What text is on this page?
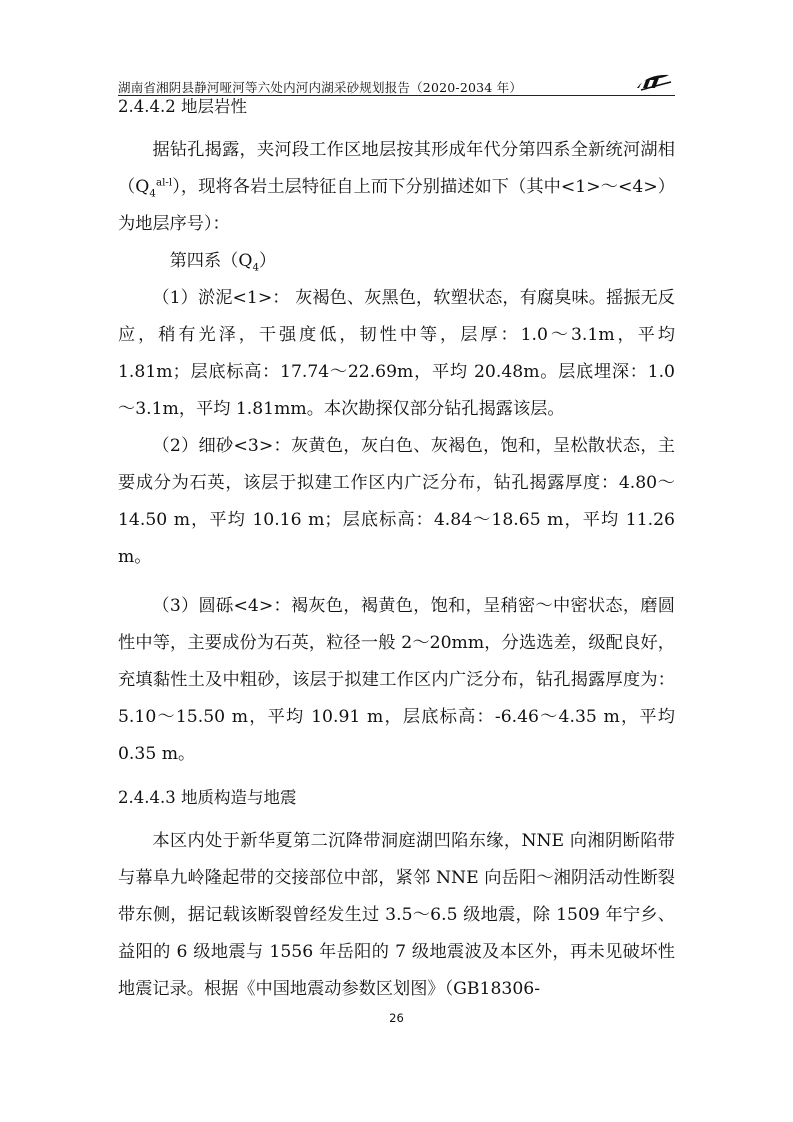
湖南省湘阴县静河哑河等六处内河内湖采砂规划报告（2020-2034 年）

2.4.4.2 地层岩性

据钻孔揭露，夹河段工作区地层按其形成年代分第四系全新统河湖相$(Q_4^{al-l})$，现将各岩土层特征自上而下分别描述如下（其中<1>～<4>）为地层序号）：

第四系$(Q_4)$

（1）淤泥<1>： 灰褐色、灰黑色，软塑状态，有腐臭味。摇振无反应，稍有光泽，干强度低，韧性中等，层厚：1.0～3.1m，平均 1.81m；层底标高：17.74～22.69m，平均 20.48m。层底埋深：1.0～3.1m，平均 1.81mm。本次勘探仅部分钻孔揭露该层。

（2）细砂<3>：灰黄色，灰白色、灰褐色，饱和，呈松散状态，主要成分为石英，该层于拟建工作区内广泛分布，钻孔揭露厚度：4.80～14.50 m，平均 10.16 m；层底标高：4.84～18.65 m，平均 11.26 m。

（3）圆砾<4>：褐灰色，褐黄色，饱和，呈稍密～中密状态，磨圆性中等，主要成份为石英，粒径一般 2～20mm，分选选差，级配良好，充填黏性土及中粗砂，该层于拟建工作区内广泛分布，钻孔揭露厚度为：5.10～15.50 m，平均 10.91 m，层底标高：-6.46～4.35 m，平均 0.35 m。

2.4.4.3 地质构造与地震

本区内处于新华夏第二沉降带洞庭湖凹陷东缘，NNE 向湘阴断陷带与幕阜九岭隆起带的交接部位中部，紧邻 NNE 向岳阳～湘阴活动性断裂带东侧，据记载该断裂曾经发生过 3.5～6.5 级地震，除 1509 年宁乡、益阳的 6 级地震与 1556 年岳阳的 7 级地震波及本区外，再未见破坏性地震记录。根据《中国地震动参数区划图》（GB18306-

26
